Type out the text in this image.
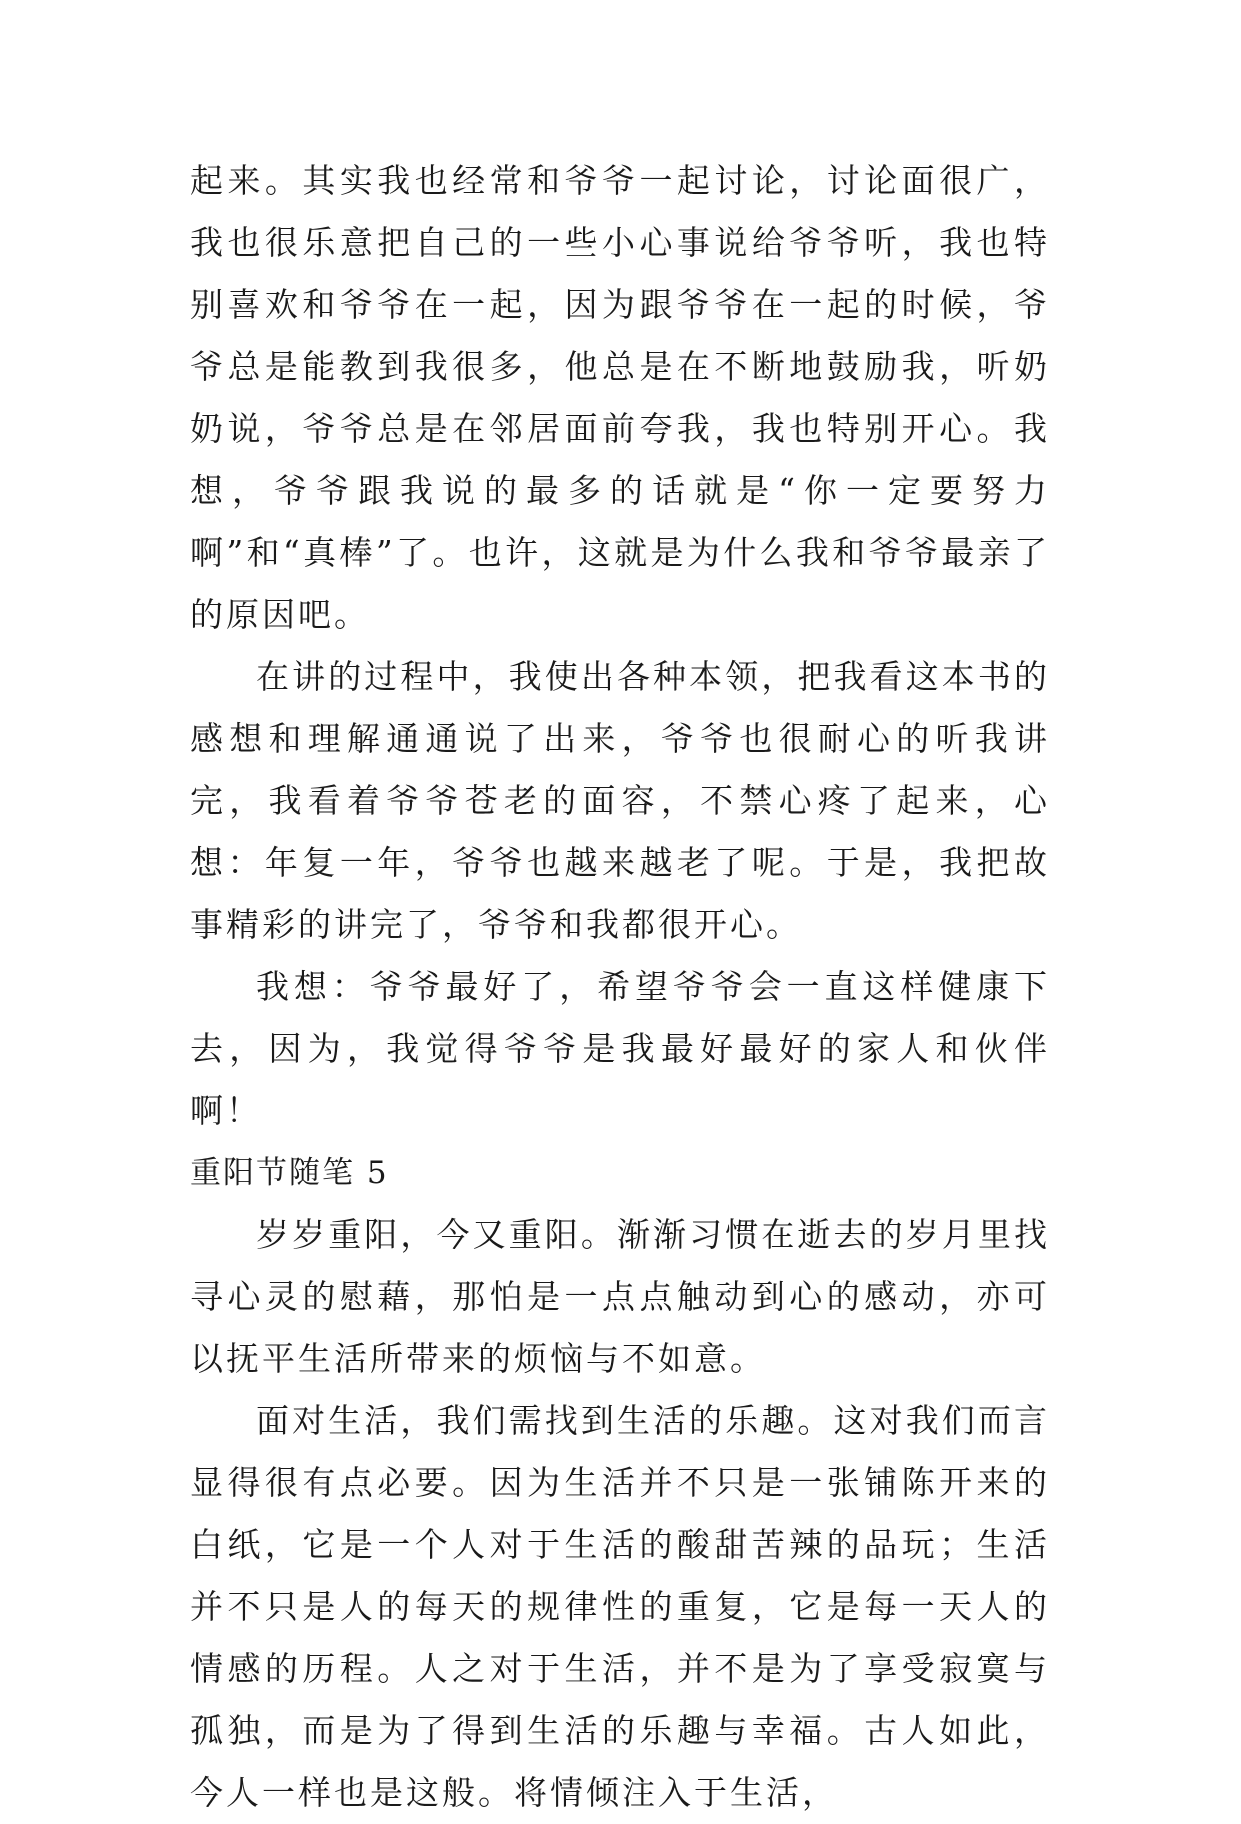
起来。其实我也经常和爷爷一起讨论，讨论面很广，我也很乐意把自己的一些小心事说给爷爷听，我也特别喜欢和爷爷在一起，因为跟爷爷在一起的时候，爷爷总是能教到我很多，他总是在不断地鼓励我，听奶奶说，爷爷总是在邻居面前夸我，我也特别开心。我想，爷爷跟我说的最多的话就是“你一定要努力啊”和“真棒”了。也许，这就是为什么我和爷爷最亲了的原因吧。

在讲的过程中，我使出各种本领，把我看这本书的感想和理解通通说了出来，爷爷也很耐心的听我讲完，我看着爷爷苍老的面容，不禁心疼了起来，心想：年复一年，爷爷也越来越老了呢。于是，我把故事精彩的讲完了，爷爷和我都很开心。

我想：爷爷最好了，希望爷爷会一直这样健康下去，因为，我觉得爷爷是我最好最好的家人和伙伴啊！

重阳节随笔 5

岁岁重阳，今又重阳。渐渐习惯在逝去的岁月里找寻心灵的慰藉，那怕是一点点触动到心的感动，亦可以抚平生活所带来的烦恼与不如意。

面对生活，我们需找到生活的乐趣。这对我们而言显得很有点必要。因为生活并不只是一张铺陈开来的白纸，它是一个人对于生活的酸甜苦辣的品玩；生活并不只是人的每天的规律性的重复，它是每一天人的情感的历程。人之对于生活，并不是为了享受寂寞与孤独，而是为了得到生活的乐趣与幸福。古人如此，今人一样也是这般。将情倾注入于生活，
